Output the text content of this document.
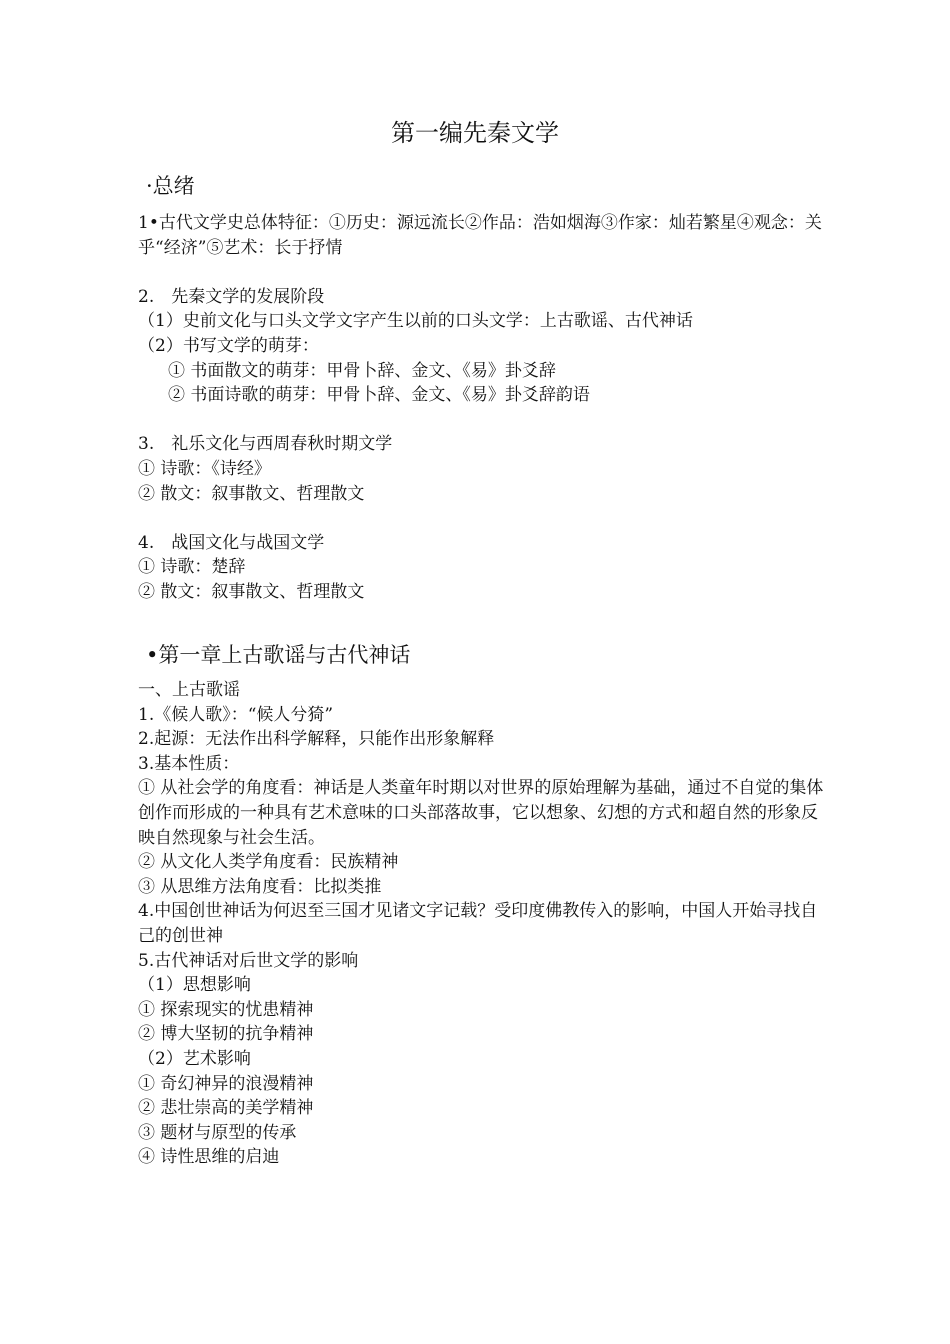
第一编先秦文学
·总绪
1•古代文学史总体特征：①历史：源远流长②作品：浩如烟海③作家：灿若繁星④观念：关乎“经济”⑤艺术：长于抒情
2.　先秦文学的发展阶段
（1）史前文化与口头文学文字产生以前的口头文学：上古歌谣、古代神话
（2）书写文学的萌芽：
① 书面散文的萌芽：甲骨卜辞、金文、《易》卦爻辞
② 书面诗歌的萌芽：甲骨卜辞、金文、《易》卦爻辞韵语
3.　礼乐文化与西周春秋时期文学
① 诗歌：《诗经》
② 散文：叙事散文、哲理散文
4.　战国文化与战国文学
① 诗歌：楚辞
② 散文：叙事散文、哲理散文
•第一章上古歌谣与古代神话
一、上古歌谣
1.《候人歌》：“候人兮猗”
2.起源：无法作出科学解释，只能作出形象解释
3.基本性质：
① 从社会学的角度看：神话是人类童年时期以对世界的原始理解为基础，通过不自觉的集体创作而形成的一种具有艺术意味的口头部落故事，它以想象、幻想的方式和超自然的形象反映自然现象与社会生活。
② 从文化人类学角度看：民族精神
③ 从思维方法角度看：比拟类推
4.中国创世神话为何迟至三国才见诸文字记载？受印度佛教传入的影响，中国人开始寻找自己的创世神
5.古代神话对后世文学的影响
（1）思想影响
① 探索现实的忧患精神
② 博大坚韧的抗争精神
（2）艺术影响
① 奇幻神异的浪漫精神
② 悲壮崇高的美学精神
③ 题材与原型的传承
④ 诗性思维的启迪
